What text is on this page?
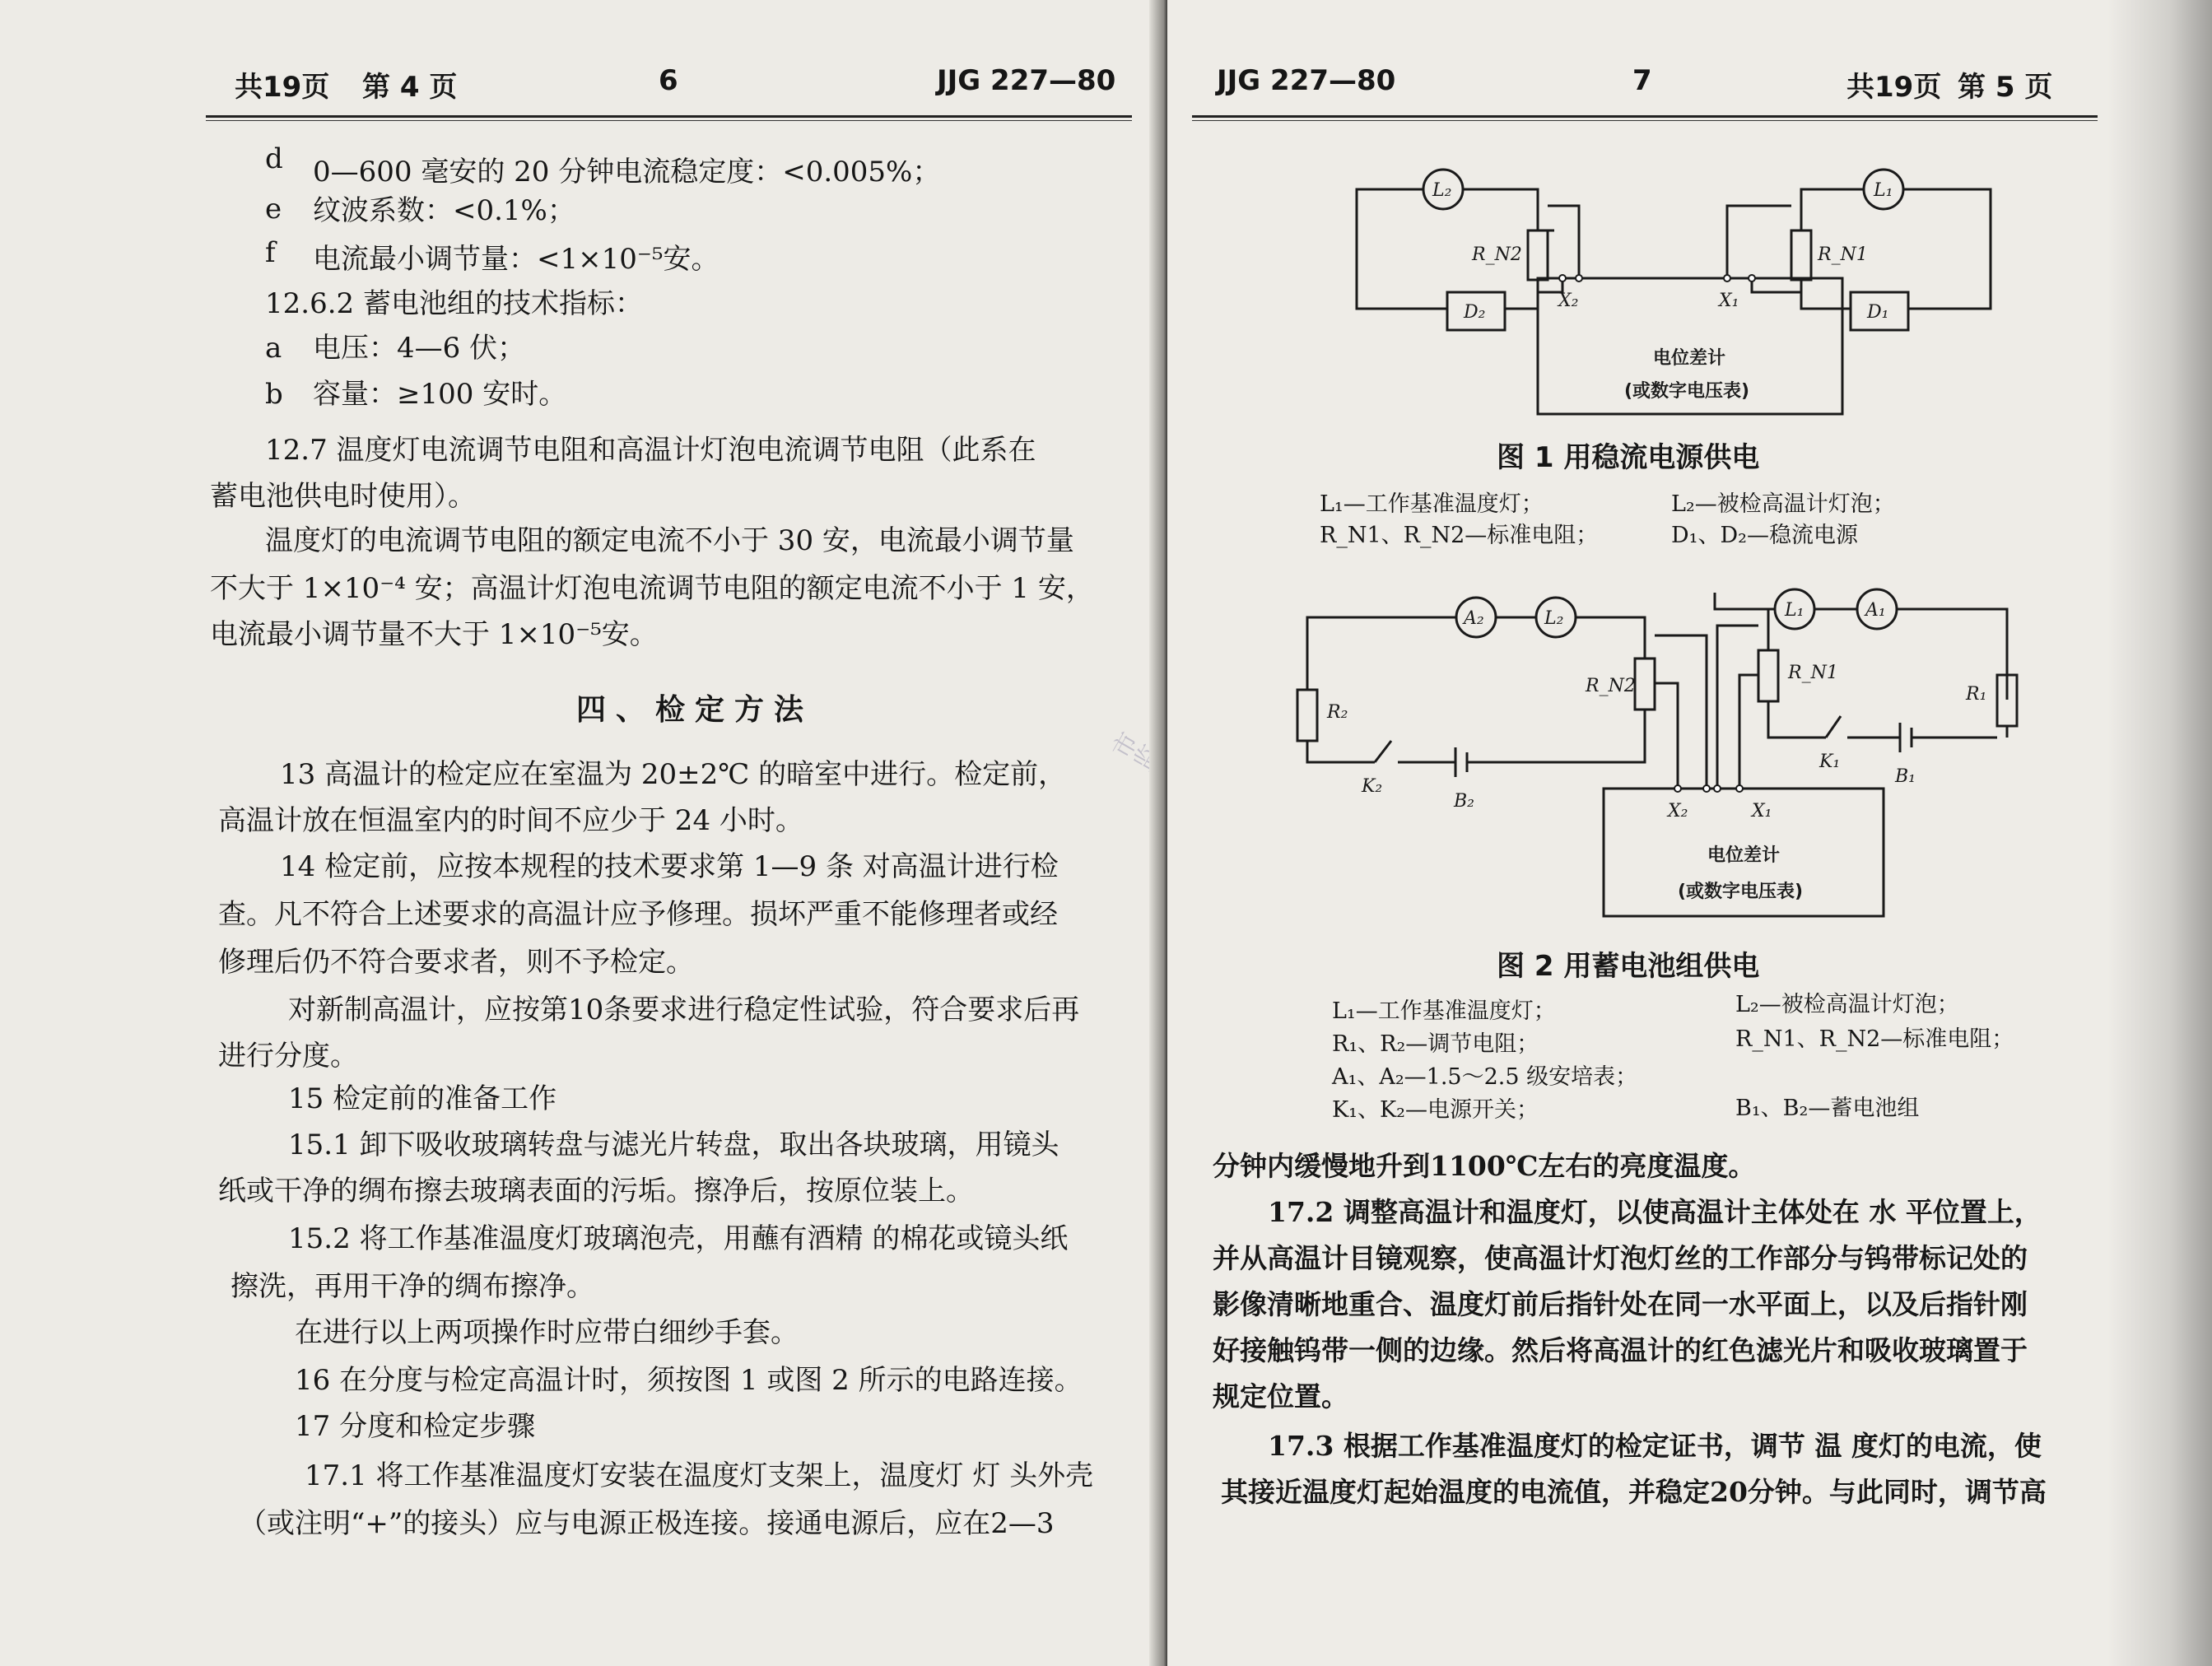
共19页 第 4 页	6	JJG 227—80
d 0—600 毫安的 20 分钟电流稳定度：<0.005%；
e 纹波系数：<0.1%；
f 电流最小调节量：<1×10⁻⁵安。
12.6.2 蓄电池组的技术指标：
a 电压：4—6 伏；
b 容量：≥100 安时。
12.7 温度灯电流调节电阻和高温计灯泡电流调节电阻（此系在
蓄电池供电时使用）。
温度灯的电流调节电阻的额定电流不小于 30 安，电流最小调节量
不大于 1×10⁻⁴ 安；高温计灯泡电流调节电阻的额定电流不小于 1 安，
电流最小调节量不大于 1×10⁻⁵安。
四、检定方法
13 高温计的检定应在室温为 20±2℃ 的暗室中进行。检定前，
高温计放在恒温室内的时间不应少于 24 小时。
14 检定前，应按本规程的技术要求第 1—9 条 对高温计进行检
查。凡不符合上述要求的高温计应予修理。损坏严重不能修理者或经
修理后仍不符合要求者，则不予检定。
对新制高温计，应按第10条要求进行稳定性试验，符合要求后再
进行分度。
15 检定前的准备工作
15.1 卸下吸收玻璃转盘与滤光片转盘，取出各块玻璃，用镜头
纸或干净的绸布擦去玻璃表面的污垢。擦净后，按原位装上。
15.2 将工作基准温度灯玻璃泡壳，用蘸有酒精 的棉花或镜头纸
擦洗，再用干净的绸布擦净。
在进行以上两项操作时应带白细纱手套。
16 在分度与检定高温计时，须按图 1 或图 2 所示的电路连接。
17 分度和检定步骤
17.1 将工作基准温度灯安装在温度灯支架上，温度灯 灯 头外壳
（或注明“+”的接头）应与电源正极连接。接通电源后，应在2—3
JJG 227—80	7	共19页 第 5 页
L₂	L₁
R_N2	R_N1
D₂	D₁
X₂	X₁
电位差计
(或数字电压表)
图 1 用稳流电源供电
L₁—工作基准温度灯；	L₂—被检高温计灯泡；
R_N1、R_N2—标准电阻；	D₁、D₂—稳流电源
A₂	L₂	L₁	A₁
R₂
R_N2
R_N1
R₁
K₂
B₂
K₁
B₁
X₂	X₁
电位差计
(或数字电压表)
图 2 用蓄电池组供电
L₁—工作基准温度灯；	L₂—被检高温计灯泡；
R₁、R₂—调节电阻；	R_N1、R_N2—标准电阻；
A₁、A₂—1.5～2.5 级安培表；
K₁、K₂—电源开关；	B₁、B₂—蓄电池组
分钟内缓慢地升到1100℃左右的亮度温度。
17.2 调整高温计和温度灯，以使高温计主体处在 水 平位置上，
并从高温计目镜观察，使高温计灯泡灯丝的工作部分与钨带标记处的
影像清晰地重合、温度灯前后指针处在同一水平面上，以及后指针刚
好接触钨带一侧的边缘。然后将高温计的红色滤光片和吸收玻璃置于
规定位置。
17.3 根据工作基准温度灯的检定证书，调节 温 度灯的电流，使
其接近温度灯起始温度的电流值，并稳定20分钟。与此同时，调节高
